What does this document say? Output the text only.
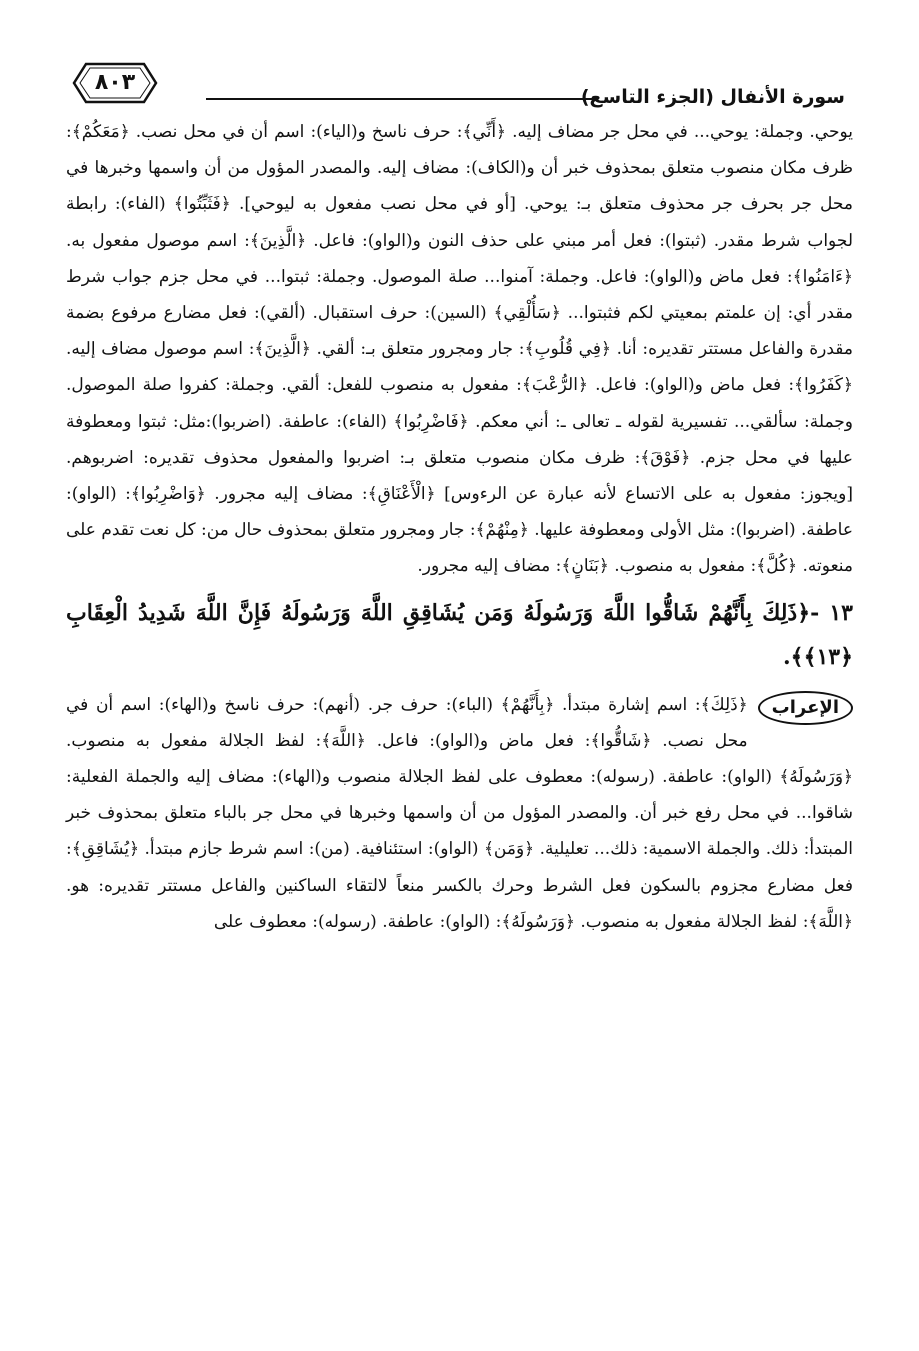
سورة الأنفال (الجزء التاسع)
٨٠٣

يوحي. وجملة: يوحي... في محل جر مضاف إليه. ﴿أَنِّي﴾: حرف ناسخ و(الياء): اسم أن في محل نصب. ﴿مَعَكُمْ﴾: ظرف مكان منصوب متعلق بمحذوف خبر أن و(الكاف): مضاف إليه. والمصدر المؤول من أن واسمها وخبرها في محل جر بحرف جر محذوف متعلق بـ: يوحي. [أو في محل نصب مفعول به ليوحي]. ﴿فَثَبِّتُوا﴾ (الفاء): رابطة لجواب شرط مقدر. (ثبتوا): فعل أمر مبني على حذف النون و(الواو): فاعل. ﴿الَّذِينَ﴾: اسم موصول مفعول به. ﴿ءَامَنُوا﴾: فعل ماض و(الواو): فاعل. وجملة: آمنوا... صلة الموصول. وجملة: ثبتوا... في محل جزم جواب شرط مقدر أي: إن علمتم بمعيتي لكم فثبتوا... ﴿سَأُلْقِي﴾ (السين): حرف استقبال. (ألقي): فعل مضارع مرفوع بضمة مقدرة والفاعل مستتر تقديره: أنا. ﴿فِي قُلُوبِ﴾: جار ومجرور متعلق بـ: ألقي. ﴿الَّذِينَ﴾: اسم موصول مضاف إليه. ﴿كَفَرُوا﴾: فعل ماض و(الواو): فاعل. ﴿الرُّعْبَ﴾: مفعول به منصوب للفعل: ألقي. وجملة: كفروا صلة الموصول. وجملة: سألقي... تفسيرية لقوله ـ تعالى ـ: أني معكم. ﴿فَاضْرِبُوا﴾ (الفاء): عاطفة. (اضربوا):مثل: ثبتوا ومعطوفة عليها في محل جزم. ﴿فَوْقَ﴾: ظرف مكان منصوب متعلق بـ: اضربوا والمفعول محذوف تقديره: اضربوهم. [ويجوز: مفعول به على الاتساع لأنه عبارة عن الرءوس] ﴿الْأَعْنَاقِ﴾: مضاف إليه مجرور. ﴿وَاضْرِبُوا﴾: (الواو): عاطفة. (اضربوا): مثل الأولى ومعطوفة عليها. ﴿مِنْهُمْ﴾: جار ومجرور متعلق بمحذوف حال من: كل نعت تقدم على منعوته. ﴿كُلَّ﴾: مفعول به منصوب. ﴿بَنَانٍ﴾: مضاف إليه مجرور.

١٣ -﴿ذَلِكَ بِأَنَّهُمْ شَاقُّوا اللَّهَ وَرَسُولَهُ وَمَن يُشَاقِقِ اللَّهَ وَرَسُولَهُ فَإِنَّ اللَّهَ شَدِيدُ الْعِقَابِ ﴿١٣﴾﴾.
الإعراب

﴿ذَلِكَ﴾: اسم إشارة مبتدأ. ﴿بِأَنَّهُمْ﴾ (الباء): حرف جر. (أنهم): حرف ناسخ و(الهاء): اسم أن في محل نصب. ﴿شَاقُّوا﴾: فعل ماض و(الواو): فاعل. ﴿اللَّهَ﴾: لفظ الجلالة مفعول به منصوب. ﴿وَرَسُولَهُ﴾ (الواو): عاطفة. (رسوله): معطوف على لفظ الجلالة منصوب و(الهاء): مضاف إليه والجملة الفعلية: شاقوا... في محل رفع خبر أن. والمصدر المؤول من أن واسمها وخبرها في محل جر بالباء متعلق بمحذوف خبر المبتدأ: ذلك. والجملة الاسمية: ذلك... تعليلية. ﴿وَمَن﴾ (الواو): استئنافية. (من): اسم شرط جازم مبتدأ. ﴿يُشَاقِقِ﴾: فعل مضارع مجزوم بالسكون فعل الشرط وحرك بالكسر منعاً لالتقاء الساكنين والفاعل مستتر تقديره: هو. ﴿اللَّهَ﴾: لفظ الجلالة مفعول به منصوب. ﴿وَرَسُولَهُ﴾: (الواو): عاطفة. (رسوله): معطوف على
